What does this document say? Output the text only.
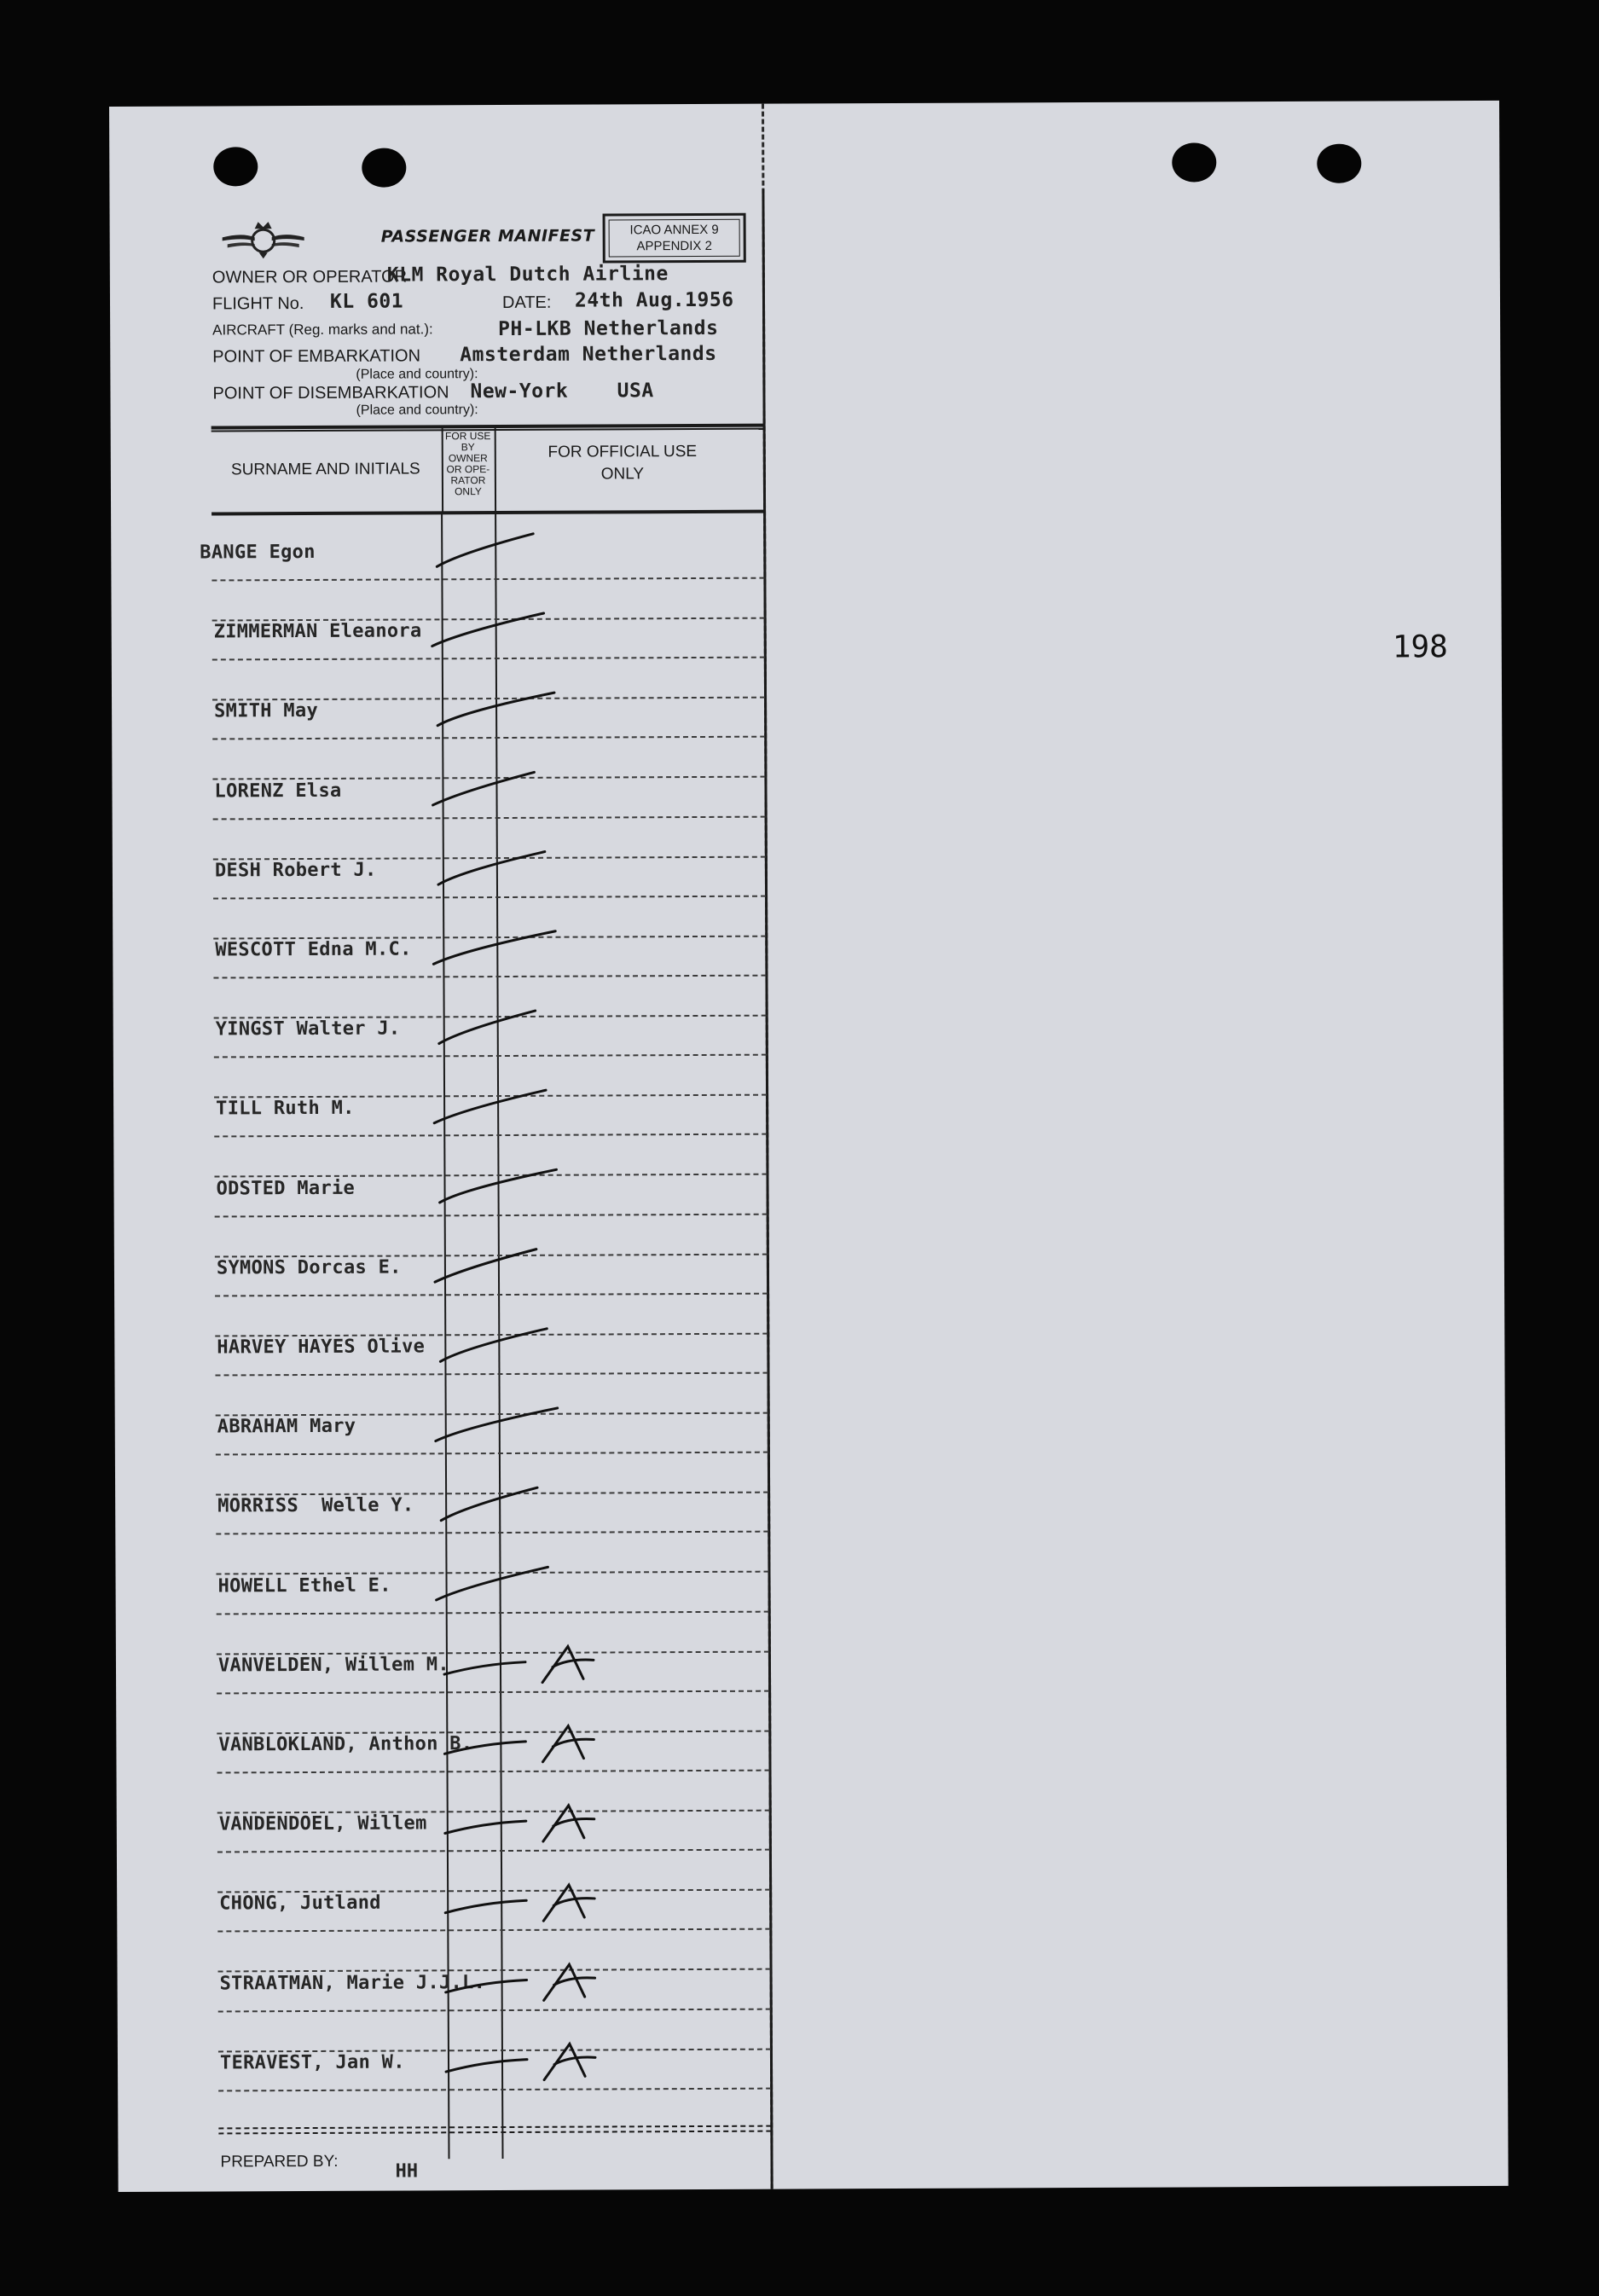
PASSENGER MANIFEST	ICAO ANNEX 9
APPENDIX 2
OWNER OR OPERATOR
KLM Royal Dutch Airline
FLIGHT No. KL 601	DATE: 24th Aug.1956
AIRCRAFT (Reg. marks and nat.):	PH-LKB Netherlands
POINT OF EMBARKATION Amsterdam Netherlands
(Place and country):
POINT OF DISEMBARKATION New-York    USA
(Place and country):
SURNAME AND INITIALS
FOR USE BY OWNER OR OPE-RATOR ONLY
FOR OFFICIAL USE ONLY
BANGE Egon
ZIMMERMAN Eleanora
SMITH May
LORENZ Elsa
DESH Robert J.
WESCOTT Edna M.C.
YINGST Walter J.
TILL Ruth M.
ODSTED Marie
SYMONS Dorcas E.
HARVEY HAYES Olive
ABRAHAM Mary
MORRISS  Welle Y.
HOWELL Ethel E.
VANVELDEN, Willem M.
VANBLOKLAND, Anthon B.
VANDENDOEL, Willem
CHONG, Jutland
STRAATMAN, Marie J.J.L.
TERAVEST, Jan W.
PREPARED BY:	HH
198
